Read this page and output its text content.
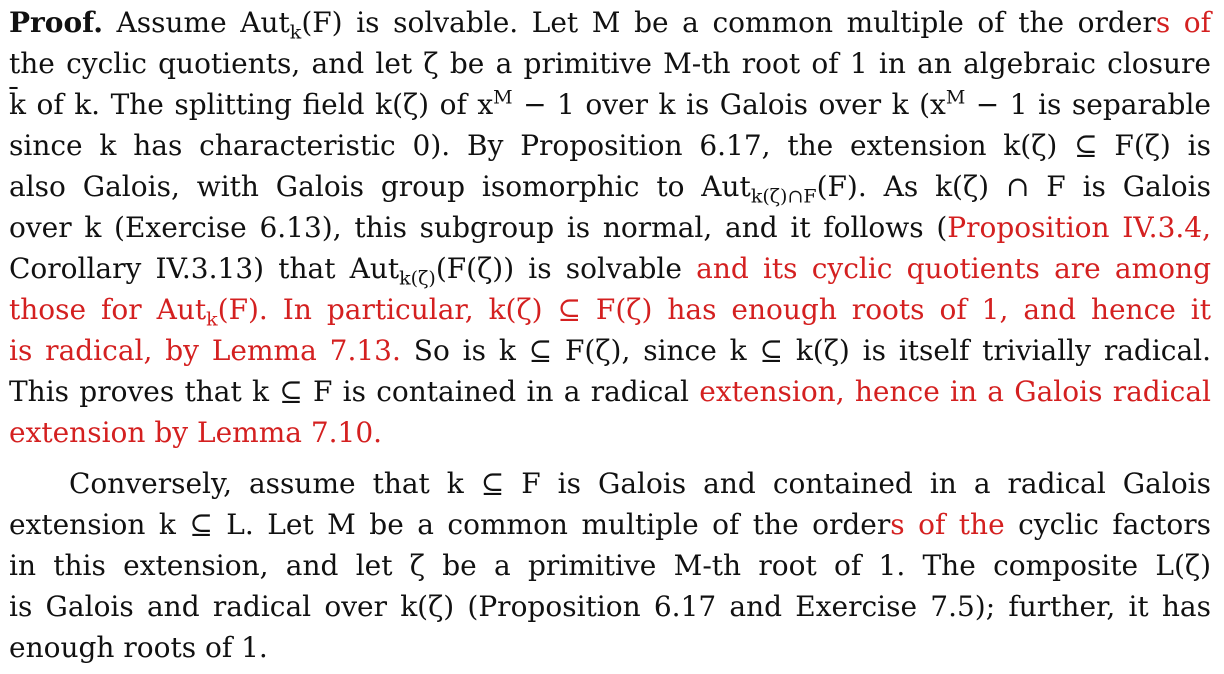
Proof. Assume Aut$_k$(F) is solvable. Let M be a common multiple of the orders of
the cyclic quotients, and let ζ be a primitive M-th root of 1 in an algebraic closure
k̄ of k. The splitting field k(ζ) of $x^M - 1$ over k is Galois over k ($x^M - 1$ is separable
since k has characteristic 0). By Proposition 6.17, the extension k(ζ) ⊆ F(ζ) is
also Galois, with Galois group isomorphic to Aut$_{k(\zeta)\cap F}$(F). As k(ζ) ∩ F is Galois
over k (Exercise 6.13), this subgroup is normal, and it follows (Proposition IV.3.4,
Corollary IV.3.13) that Aut$_{k(\zeta)}$(F(ζ)) is solvable and its cyclic quotients are among
those for Aut$_k$(F). In particular, k(ζ) ⊆ F(ζ) has enough roots of 1, and hence it
is radical, by Lemma 7.13. So is k ⊆ F(ζ), since k ⊆ k(ζ) is itself trivially radical.
This proves that k ⊆ F is contained in a radical extension, hence in a Galois radical
extension by Lemma 7.10.
Conversely, assume that k ⊆ F is Galois and contained in a radical Galois
extension k ⊆ L. Let M be a common multiple of the orders of the cyclic factors
in this extension, and let ζ be a primitive M-th root of 1. The composite L(ζ)
is Galois and radical over k(ζ) (Proposition 6.17 and Exercise 7.5); further, it has
enough roots of 1.
